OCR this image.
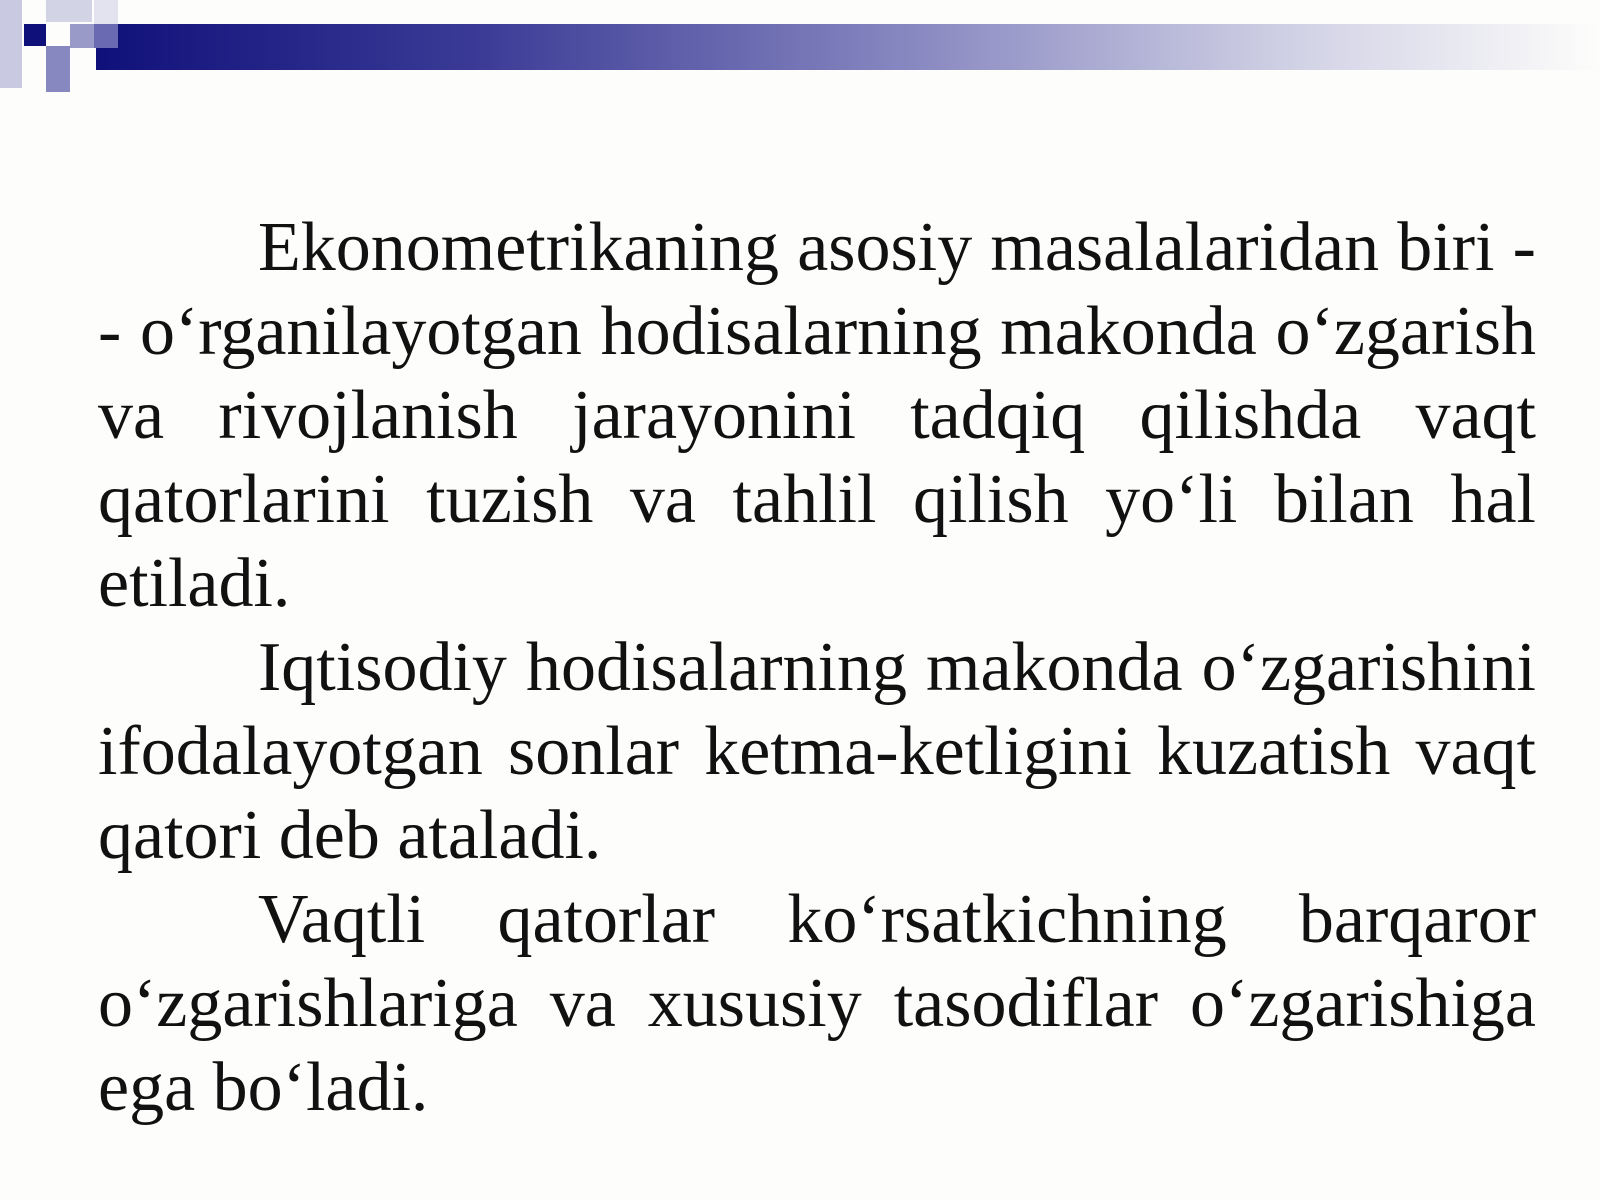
Ekonometrikaning asosiy masalalaridan biri -- o‘rganilayotgan hodisalarning makonda o‘zgarish va rivojlanish jarayonini tadqiq qilishda vaqt qatorlarini tuzish va tahlil qilish yo‘li bilan hal etiladi.

Iqtisodiy hodisalarning makonda o‘zgarishini ifodalayotgan sonlar ketma-ketligini kuzatish vaqt qatori deb ataladi.

Vaqtli qatorlar ko‘rsatkichning barqaror o‘zgarishlariga va xususiy tasodiflar o‘zgarishiga ega bo‘ladi.
